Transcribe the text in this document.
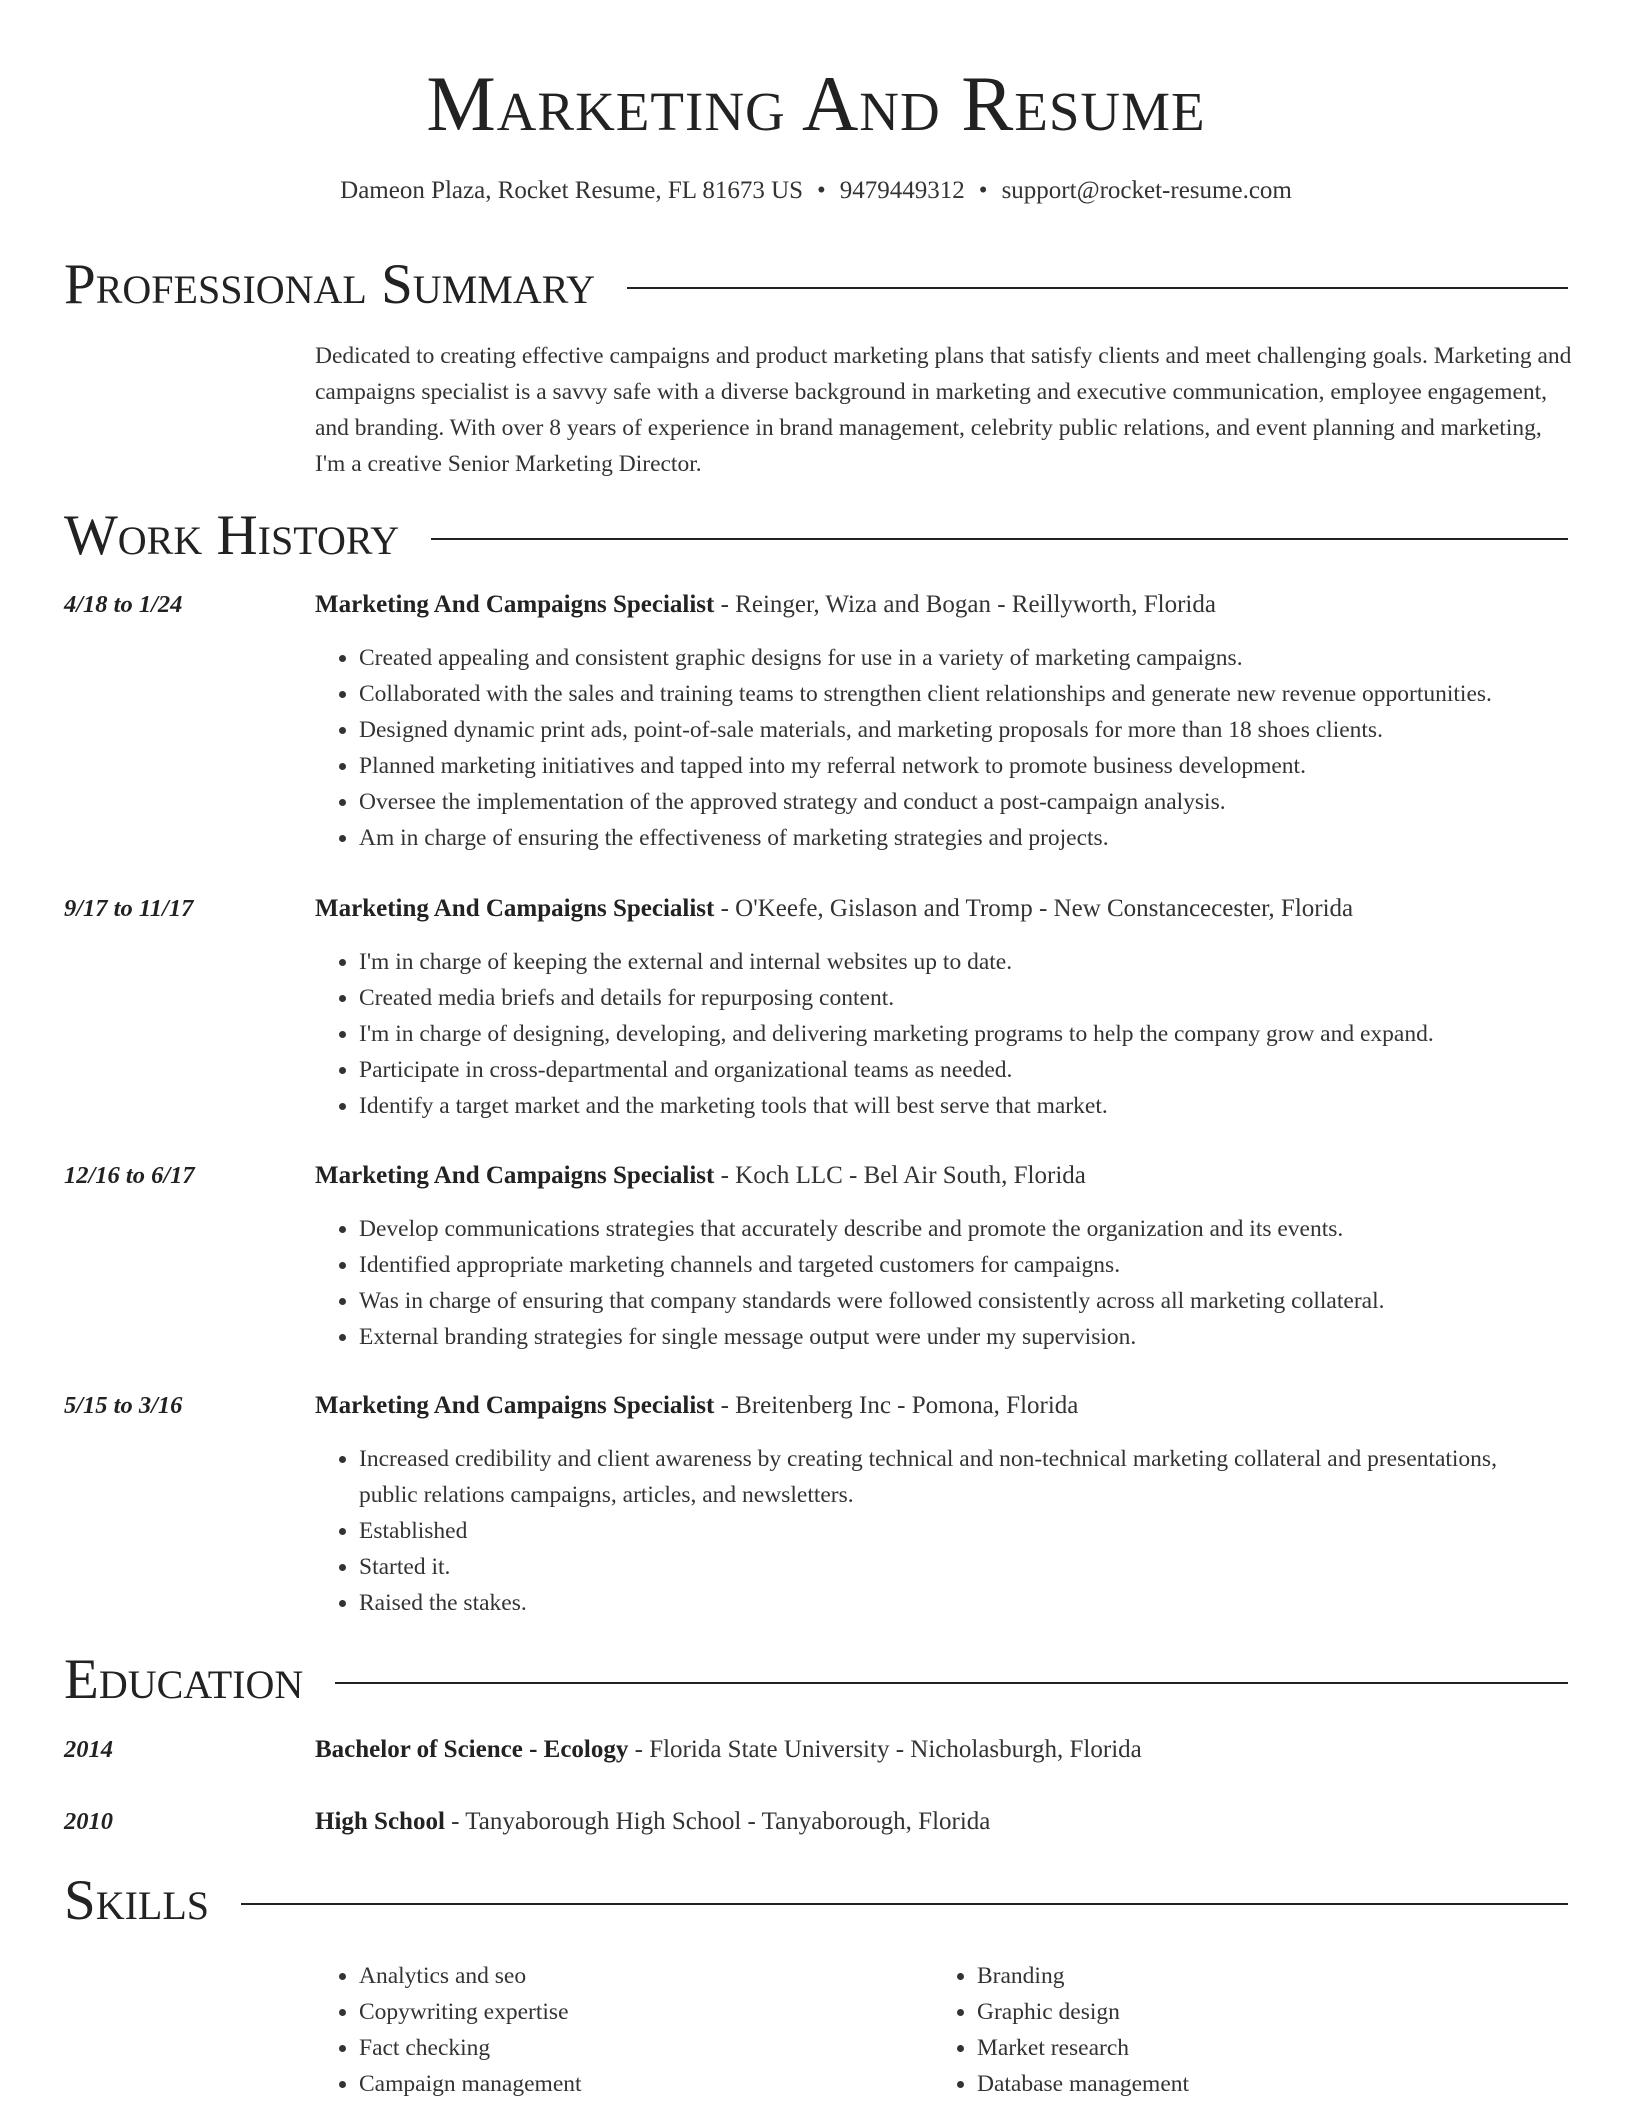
Marketing And Resume
Dameon Plaza, Rocket Resume, FL 81673 US • 9479449312 • support@rocket-resume.com
Professional Summary
Dedicated to creating effective campaigns and product marketing plans that satisfy clients and meet challenging goals. Marketing and campaigns specialist is a savvy safe with a diverse background in marketing and executive communication, employee engagement, and branding. With over 8 years of experience in brand management, celebrity public relations, and event planning and marketing, I'm a creative Senior Marketing Director.
Work History
4/18 to 1/24	Marketing And Campaigns Specialist - Reinger, Wiza and Bogan - Reillyworth, Florida
• Created appealing and consistent graphic designs for use in a variety of marketing campaigns.
• Collaborated with the sales and training teams to strengthen client relationships and generate new revenue opportunities.
• Designed dynamic print ads, point-of-sale materials, and marketing proposals for more than 18 shoes clients.
• Planned marketing initiatives and tapped into my referral network to promote business development.
• Oversee the implementation of the approved strategy and conduct a post-campaign analysis.
• Am in charge of ensuring the effectiveness of marketing strategies and projects.
9/17 to 11/17	Marketing And Campaigns Specialist - O'Keefe, Gislason and Tromp - New Constancecester, Florida
• I'm in charge of keeping the external and internal websites up to date.
• Created media briefs and details for repurposing content.
• I'm in charge of designing, developing, and delivering marketing programs to help the company grow and expand.
• Participate in cross-departmental and organizational teams as needed.
• Identify a target market and the marketing tools that will best serve that market.
12/16 to 6/17	Marketing And Campaigns Specialist - Koch LLC - Bel Air South, Florida
• Develop communications strategies that accurately describe and promote the organization and its events.
• Identified appropriate marketing channels and targeted customers for campaigns.
• Was in charge of ensuring that company standards were followed consistently across all marketing collateral.
• External branding strategies for single message output were under my supervision.
5/15 to 3/16	Marketing And Campaigns Specialist - Breitenberg Inc - Pomona, Florida
• Increased credibility and client awareness by creating technical and non-technical marketing collateral and presentations, public relations campaigns, articles, and newsletters.
• Established
• Started it.
• Raised the stakes.
Education
2014	Bachelor of Science - Ecology - Florida State University - Nicholasburgh, Florida
2010	High School - Tanyaborough High School - Tanyaborough, Florida
Skills
• Analytics and seo
• Copywriting expertise
• Fact checking
• Campaign management
• Branding
• Graphic design
• Market research
• Database management
